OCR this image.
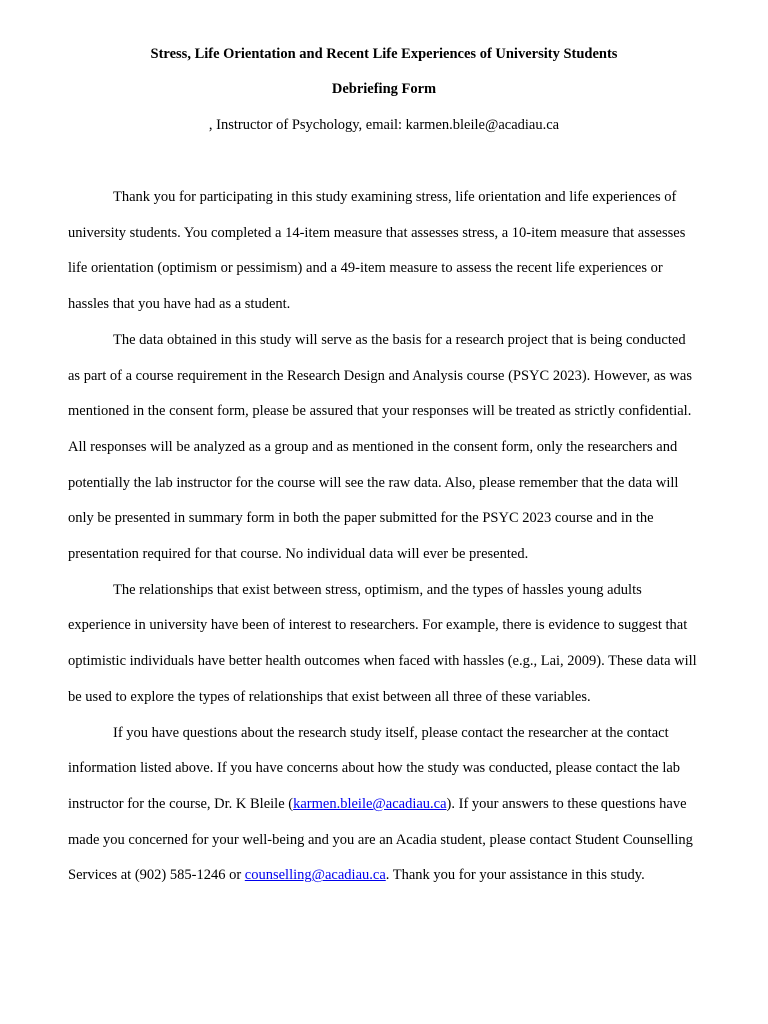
Stress, Life Orientation and Recent Life Experiences of University Students

Debriefing Form

, Instructor of Psychology, email: karmen.bleile@acadiau.ca

Thank you for participating in this study examining stress, life orientation and life experiences of university students. You completed a 14-item measure that assesses stress, a 10-item measure that assesses life orientation (optimism or pessimism) and a 49-item measure to assess the recent life experiences or hassles that you have had as a student.

The data obtained in this study will serve as the basis for a research project that is being conducted as part of a course requirement in the Research Design and Analysis course (PSYC 2023). However, as was mentioned in the consent form, please be assured that your responses will be treated as strictly confidential. All responses will be analyzed as a group and as mentioned in the consent form, only the researchers and potentially the lab instructor for the course will see the raw data. Also, please remember that the data will only be presented in summary form in both the paper submitted for the PSYC 2023 course and in the presentation required for that course. No individual data will ever be presented.

The relationships that exist between stress, optimism, and the types of hassles young adults experience in university have been of interest to researchers. For example, there is evidence to suggest that optimistic individuals have better health outcomes when faced with hassles (e.g., Lai, 2009). These data will be used to explore the types of relationships that exist between all three of these variables.

If you have questions about the research study itself, please contact the researcher at the contact information listed above. If you have concerns about how the study was conducted, please contact the lab instructor for the course, Dr. K Bleile (karmen.bleile@acadiau.ca). If your answers to these questions have made you concerned for your well-being and you are an Acadia student, please contact Student Counselling Services at (902) 585-1246 or counselling@acadiau.ca. Thank you for your assistance in this study.
